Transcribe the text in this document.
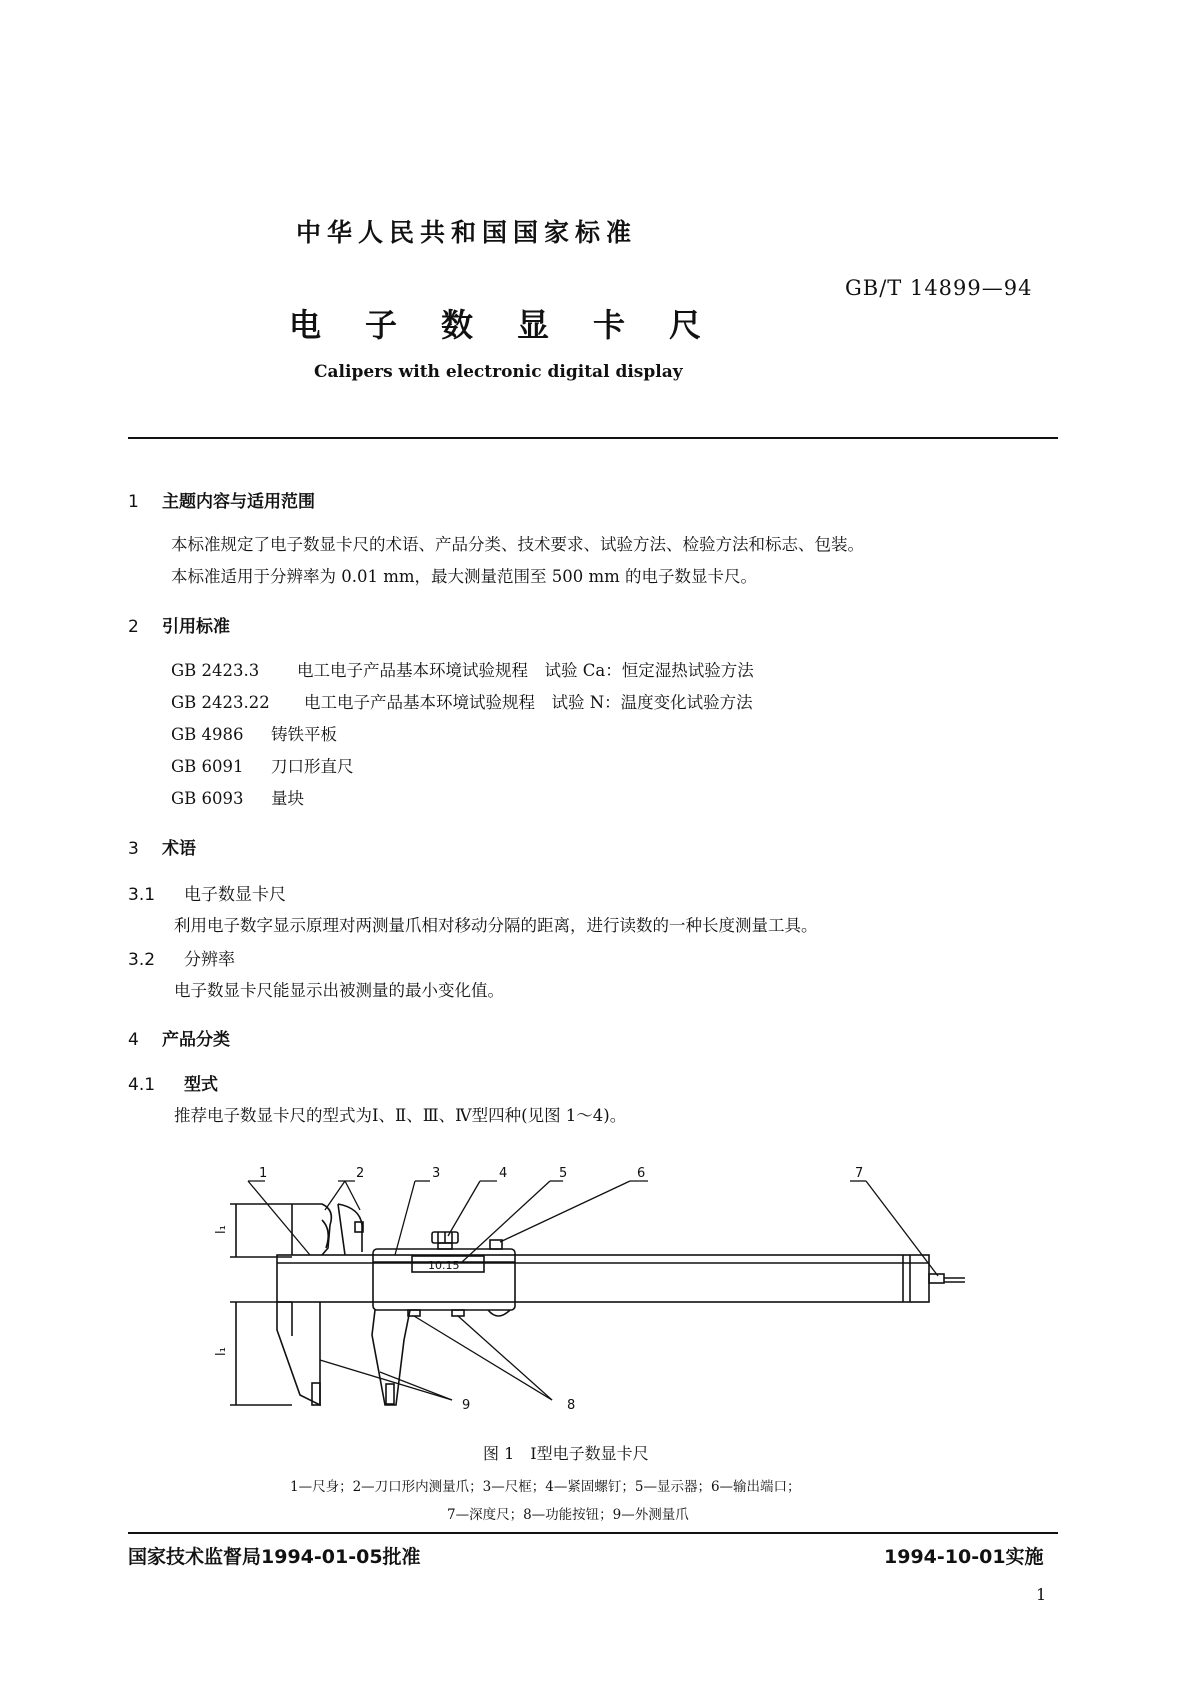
中华人民共和国国家标准
GB/T 14899—94
电子数显卡尺
Calipers with electronic digital display
1 主题内容与适用范围
本标准规定了电子数显卡尺的术语、产品分类、技术要求、试验方法、检验方法和标志、包装。
本标准适用于分辨率为 0.01 mm，最大测量范围至 500 mm 的电子数显卡尺。
2 引用标准
GB 2423.3 电工电子产品基本环境试验规程　试验 Ca：恒定湿热试验方法
GB 2423.22 电工电子产品基本环境试验规程　试验 N：温度变化试验方法
GB 4986 铸铁平板
GB 6091 刀口形直尺
GB 6093 量块
3 术语
3.1 电子数显卡尺
利用电子数字显示原理对两测量爪相对移动分隔的距离，进行读数的一种长度测量工具。
3.2 分辨率
电子数显卡尺能显示出被测量的最小变化值。
4 产品分类
4.1 型式
推荐电子数显卡尺的型式为Ⅰ、Ⅱ、Ⅲ、Ⅳ型四种(见图 1～4)。
l₁
l₁
10.15
1	2	3	4	5	6	7
8
9
图 1　Ⅰ型电子数显卡尺
1—尺身；2—刀口形内测量爪；3—尺框；4—紧固螺钉；5—显示器；6—输出端口；
7—深度尺；8—功能按钮；9—外测量爪
国家技术监督局1994-01-05批准	1994-10-01实施
1
